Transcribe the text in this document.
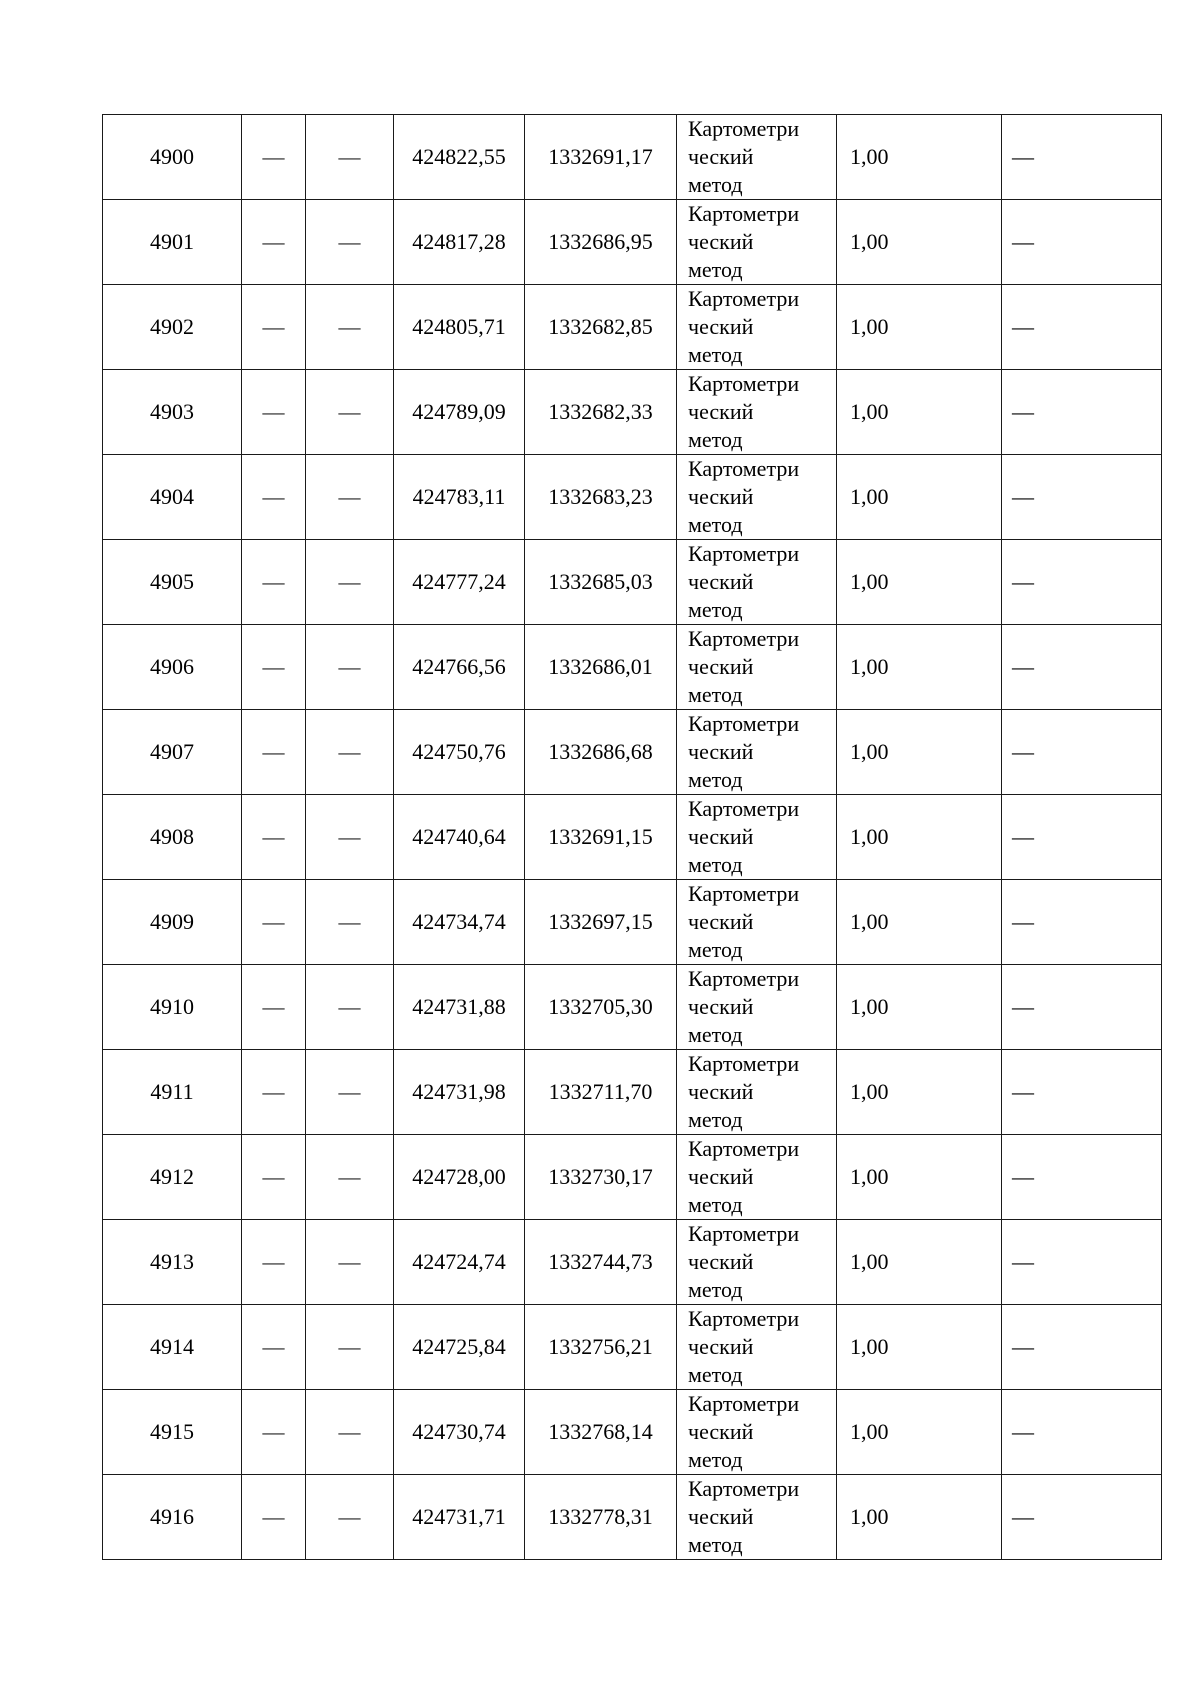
4900	—	—	424822,55	1332691,17	Картометри
ческий
метод	1,00	—
4901	—	—	424817,28	1332686,95	Картометри
ческий
метод	1,00	—
4902	—	—	424805,71	1332682,85	Картометри
ческий
метод	1,00	—
4903	—	—	424789,09	1332682,33	Картометри
ческий
метод	1,00	—
4904	—	—	424783,11	1332683,23	Картометри
ческий
метод	1,00	—
4905	—	—	424777,24	1332685,03	Картометри
ческий
метод	1,00	—
4906	—	—	424766,56	1332686,01	Картометри
ческий
метод	1,00	—
4907	—	—	424750,76	1332686,68	Картометри
ческий
метод	1,00	—
4908	—	—	424740,64	1332691,15	Картометри
ческий
метод	1,00	—
4909	—	—	424734,74	1332697,15	Картометри
ческий
метод	1,00	—
4910	—	—	424731,88	1332705,30	Картометри
ческий
метод	1,00	—
4911	—	—	424731,98	1332711,70	Картометри
ческий
метод	1,00	—
4912	—	—	424728,00	1332730,17	Картометри
ческий
метод	1,00	—
4913	—	—	424724,74	1332744,73	Картометри
ческий
метод	1,00	—
4914	—	—	424725,84	1332756,21	Картометри
ческий
метод	1,00	—
4915	—	—	424730,74	1332768,14	Картометри
ческий
метод	1,00	—
4916	—	—	424731,71	1332778,31	Картометри
ческий
метод	1,00	—
